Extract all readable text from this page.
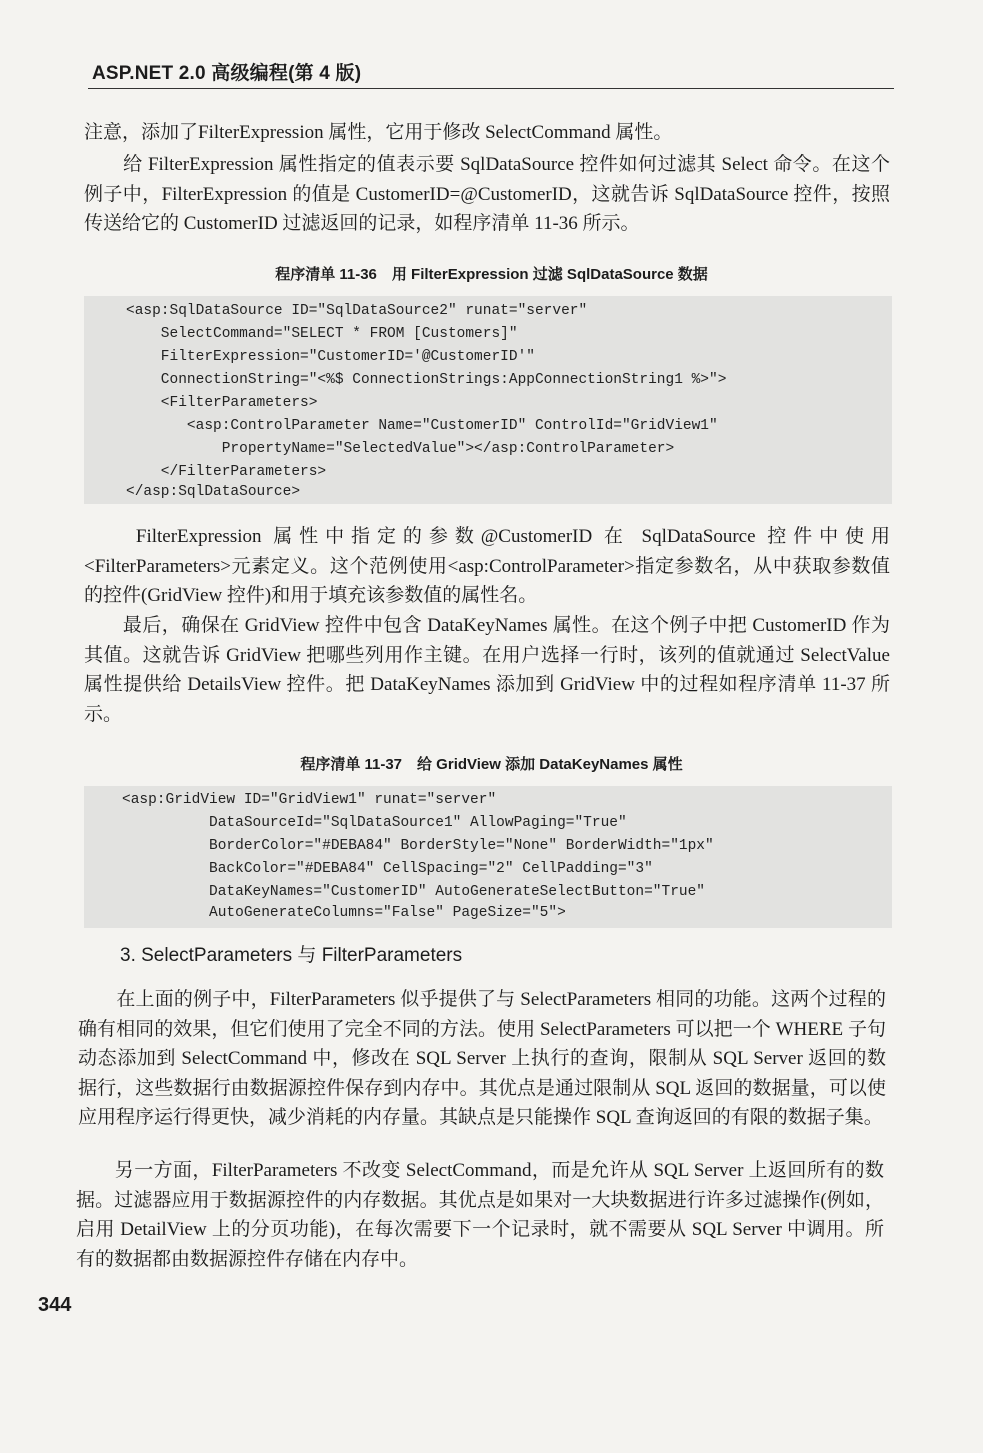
ASP.NET 2.0 高级编程(第 4 版)
注意，添加了FilterExpression 属性，它用于修改 SelectCommand 属性。
　　给 FilterExpression 属性指定的值表示要 SqlDataSource 控件如何过滤其 Select 命令。在这个例子中，FilterExpression 的值是 CustomerID=@CustomerID，这就告诉 SqlDataSource 控件，按照传送给它的 CustomerID 过滤返回的记录，如程序清单 11-36 所示。
程序清单 11-36　用 FilterExpression 过滤 SqlDataSource 数据
<asp:SqlDataSource ID="SqlDataSource2" runat="server"
SelectCommand="SELECT * FROM [Customers]"
FilterExpression="CustomerID='@CustomerID'"
ConnectionString="<%$ ConnectionStrings:AppConnectionString1 %>">
<FilterParameters>
<asp:ControlParameter Name="CustomerID" ControlId="GridView1"
PropertyName="SelectedValue"></asp:ControlParameter>
</FilterParameters>
</asp:SqlDataSource>
　　FilterExpression 属性中指定的参数@CustomerID 在 SqlDataSource 控件中使用<FilterParameters>元素定义。这个范例使用<asp:ControlParameter>指定参数名，从中获取参数值的控件(GridView 控件)和用于填充该参数值的属性名。
　　最后，确保在 GridView 控件中包含 DataKeyNames 属性。在这个例子中把 CustomerID 作为其值。这就告诉 GridView 把哪些列用作主键。在用户选择一行时，该列的值就通过 SelectValue 属性提供给 DetailsView 控件。把 DataKeyNames 添加到 GridView 中的过程如程序清单 11-37 所示。
程序清单 11-37　给 GridView 添加 DataKeyNames 属性
<asp:GridView ID="GridView1" runat="server"
DataSourceId="SqlDataSource1" AllowPaging="True"
BorderColor="#DEBA84" BorderStyle="None" BorderWidth="1px"
BackColor="#DEBA84" CellSpacing="2" CellPadding="3"
DataKeyNames="CustomerID" AutoGenerateSelectButton="True"
AutoGenerateColumns="False" PageSize="5">
3. SelectParameters 与 FilterParameters
　　在上面的例子中，FilterParameters 似乎提供了与 SelectParameters 相同的功能。这两个过程的确有相同的效果，但它们使用了完全不同的方法。使用 SelectParameters 可以把一个 WHERE 子句动态添加到 SelectCommand 中，修改在 SQL Server 上执行的查询，限制从 SQL Server 返回的数据行，这些数据行由数据源控件保存到内存中。其优点是通过限制从 SQL 返回的数据量，可以使应用程序运行得更快，减少消耗的内存量。其缺点是只能操作 SQL 查询返回的有限的数据子集。
　　另一方面，FilterParameters 不改变 SelectCommand，而是允许从 SQL Server 上返回所有的数据。过滤器应用于数据源控件的内存数据。其优点是如果对一大块数据进行许多过滤操作(例如，启用 DetailView 上的分页功能)，在每次需要下一个记录时，就不需要从 SQL Server 中调用。所有的数据都由数据源控件存储在内存中。
344
